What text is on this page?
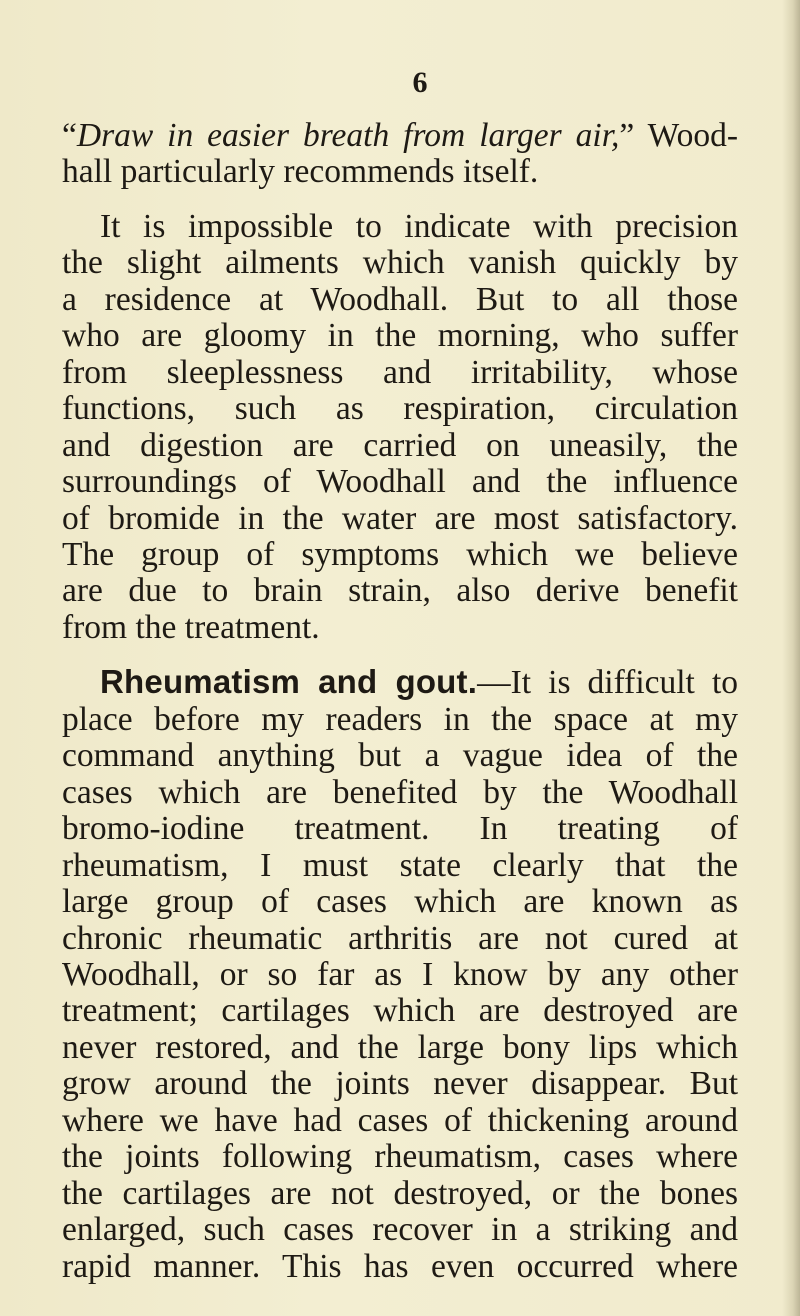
6
“Draw in easier breath from larger air,” Wood-
hall particularly recommends itself.
It is impossible to indicate with precision
the slight ailments which vanish quickly by
a residence at Woodhall. But to all those
who are gloomy in the morning, who suffer
from sleeplessness and irritability, whose
functions, such as respiration, circulation
and digestion are carried on uneasily, the
surroundings of Woodhall and the influence
of bromide in the water are most satisfactory.
The group of symptoms which we believe
are due to brain strain, also derive benefit
from the treatment.
Rheumatism and gout.—It is difficult to
place before my readers in the space at my
command anything but a vague idea of the
cases which are benefited by the Woodhall
bromo-iodine treatment. In treating of
rheumatism, I must state clearly that the
large group of cases which are known as
chronic rheumatic arthritis are not cured at
Woodhall, or so far as I know by any other
treatment; cartilages which are destroyed are
never restored, and the large bony lips which
grow around the joints never disappear. But
where we have had cases of thickening around
the joints following rheumatism, cases where
the cartilages are not destroyed, or the bones
enlarged, such cases recover in a striking and
rapid manner. This has even occurred where
